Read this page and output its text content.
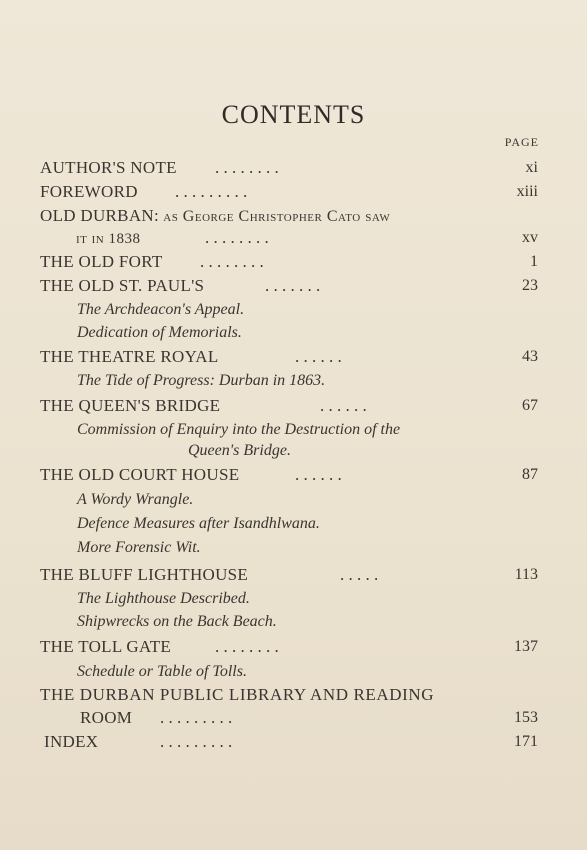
CONTENTS
PAGE
AUTHOR'S NOTE . . . . . . . .	xi
FOREWORD . . . . . . . . .	xiii
OLD DURBAN: as George Christopher Cato saw
it in 1838	. . . . . . . .	xv
THE OLD FORT . . . . . . . .	1
THE OLD ST. PAUL'S	. . . . . . .	23
The Archdeacon's Appeal.
Dedication of Memorials.
THE THEATRE ROYAL	. . . . . .	43
The Tide of Progress: Durban in 1863.
THE QUEEN'S BRIDGE	. . . . . .	67
Commission of Enquiry into the Destruction of the
Queen's Bridge.
THE OLD COURT HOUSE	. . . . . .	87
A Wordy Wrangle.
Defence Measures after Isandhlwana.
More Forensic Wit.
THE BLUFF LIGHTHOUSE	. . . . .	113
The Lighthouse Described.
Shipwrecks on the Back Beach.
THE TOLL GATE	. . . . . . . .	137
Schedule or Table of Tolls.
THE DURBAN PUBLIC LIBRARY AND READING
ROOM . . . . . . . . .	153
INDEX	. . . . . . . . .	171
